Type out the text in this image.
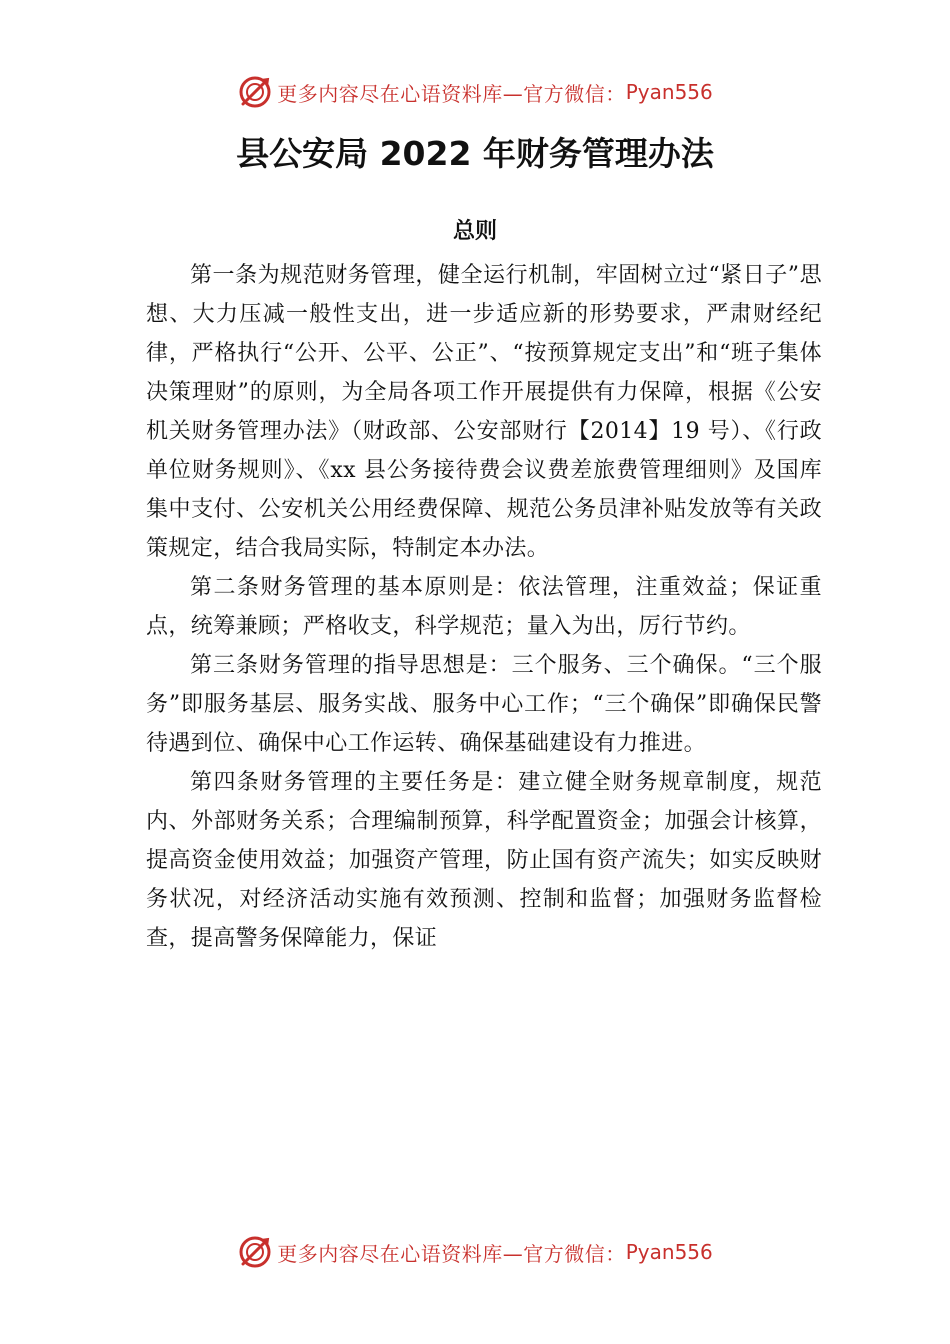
更多内容尽在心语资料库—官方微信： Pyan556
县公安局 2022 年财务管理办法
总则

第一条为规范财务管理，健全运行机制，牢固树立过“紧日子”思想、大力压减一般性支出，进一步适应新的形势要求，严肃财经纪律，严格执行“公开、公平、公正”、“按预算规定支出”和“班子集体决策理财”的原则，为全局各项工作开展提供有力保障，根据《公安机关财务管理办法》（财政部、公安部财行【2014】19 号）、《行政单位财务规则》、《xx 县公务接待费会议费差旅费管理细则》及国库集中支付、公安机关公用经费保障、规范公务员津补贴发放等有关政策规定，结合我局实际，特制定本办法。

第二条财务管理的基本原则是：依法管理，注重效益；保证重点，统筹兼顾；严格收支，科学规范；量入为出，厉行节约。

第三条财务管理的指导思想是：三个服务、三个确保。“三个服务”即服务基层、服务实战、服务中心工作；“三个确保”即确保民警待遇到位、确保中心工作运转、确保基础建设有力推进。

第四条财务管理的主要任务是：建立健全财务规章制度，规范内、外部财务关系；合理编制预算，科学配置资金；加强会计核算，提高资金使用效益；加强资产管理，防止国有资产流失；如实反映财务状况，对经济活动实施有效预测、控制和监督；加强财务监督检查，提高警务保障能力，保证

更多内容尽在心语资料库—官方微信： Pyan556
